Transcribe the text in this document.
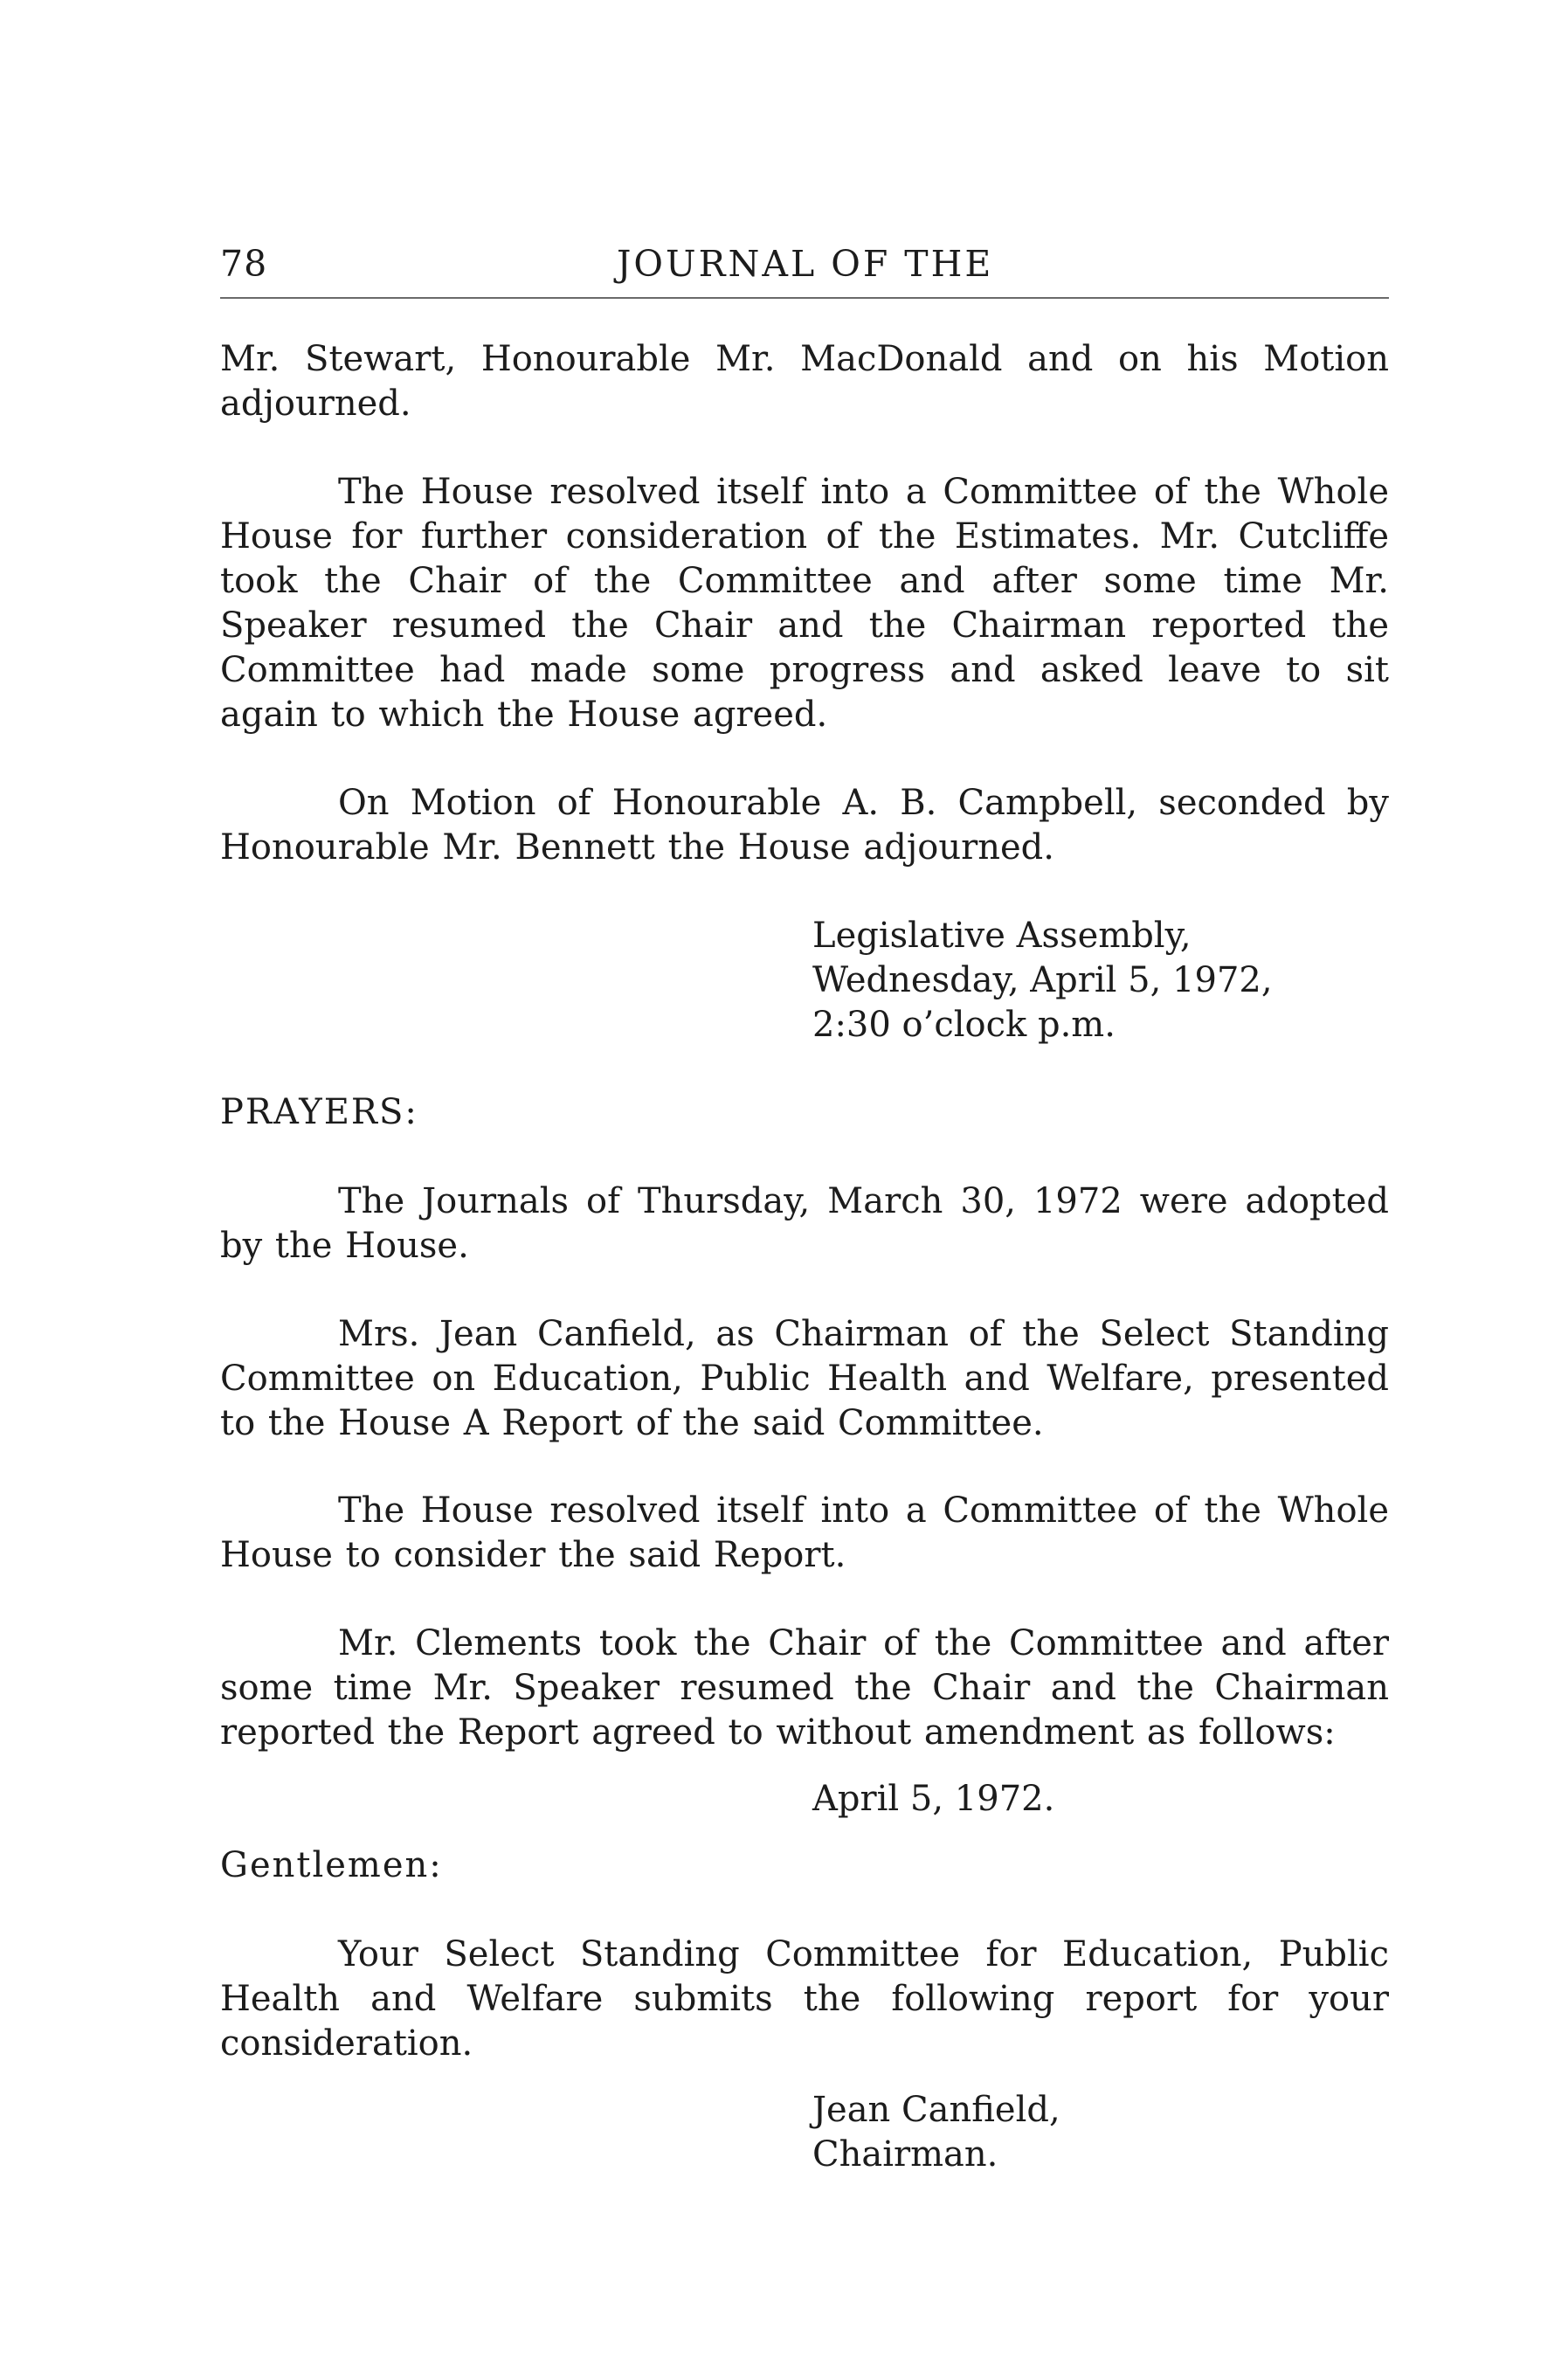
78	JOURNAL OF THE
Mr. Stewart, Honourable Mr. MacDonald and on his Motion adjourned.
The House resolved itself into a Committee of the Whole House for further consideration of the Estimates. Mr. Cutcliffe took the Chair of the Committee and after some time Mr. Speaker resumed the Chair and the Chairman reported the Committee had made some progress and asked leave to sit again to which the House agreed.
On Motion of Honourable A. B. Campbell, seconded by Honourable Mr. Bennett the House adjourned.
Legislative Assembly,
Wednesday, April 5, 1972,
2:30 o’clock p.m.
PRAYERS:
The Journals of Thursday, March 30, 1972 were adopted by the House.
Mrs. Jean Canfield, as Chairman of the Select Standing Committee on Education, Public Health and Welfare, presented to the House A Report of the said Committee.
The House resolved itself into a Committee of the Whole House to consider the said Report.
Mr. Clements took the Chair of the Committee and after some time Mr. Speaker resumed the Chair and the Chairman reported the Report agreed to without amendment as follows:
April 5, 1972.
Gentlemen:
Your Select Standing Committee for Education, Public Health and Welfare submits the following report for your consideration.
Jean Canfield,
Chairman.
